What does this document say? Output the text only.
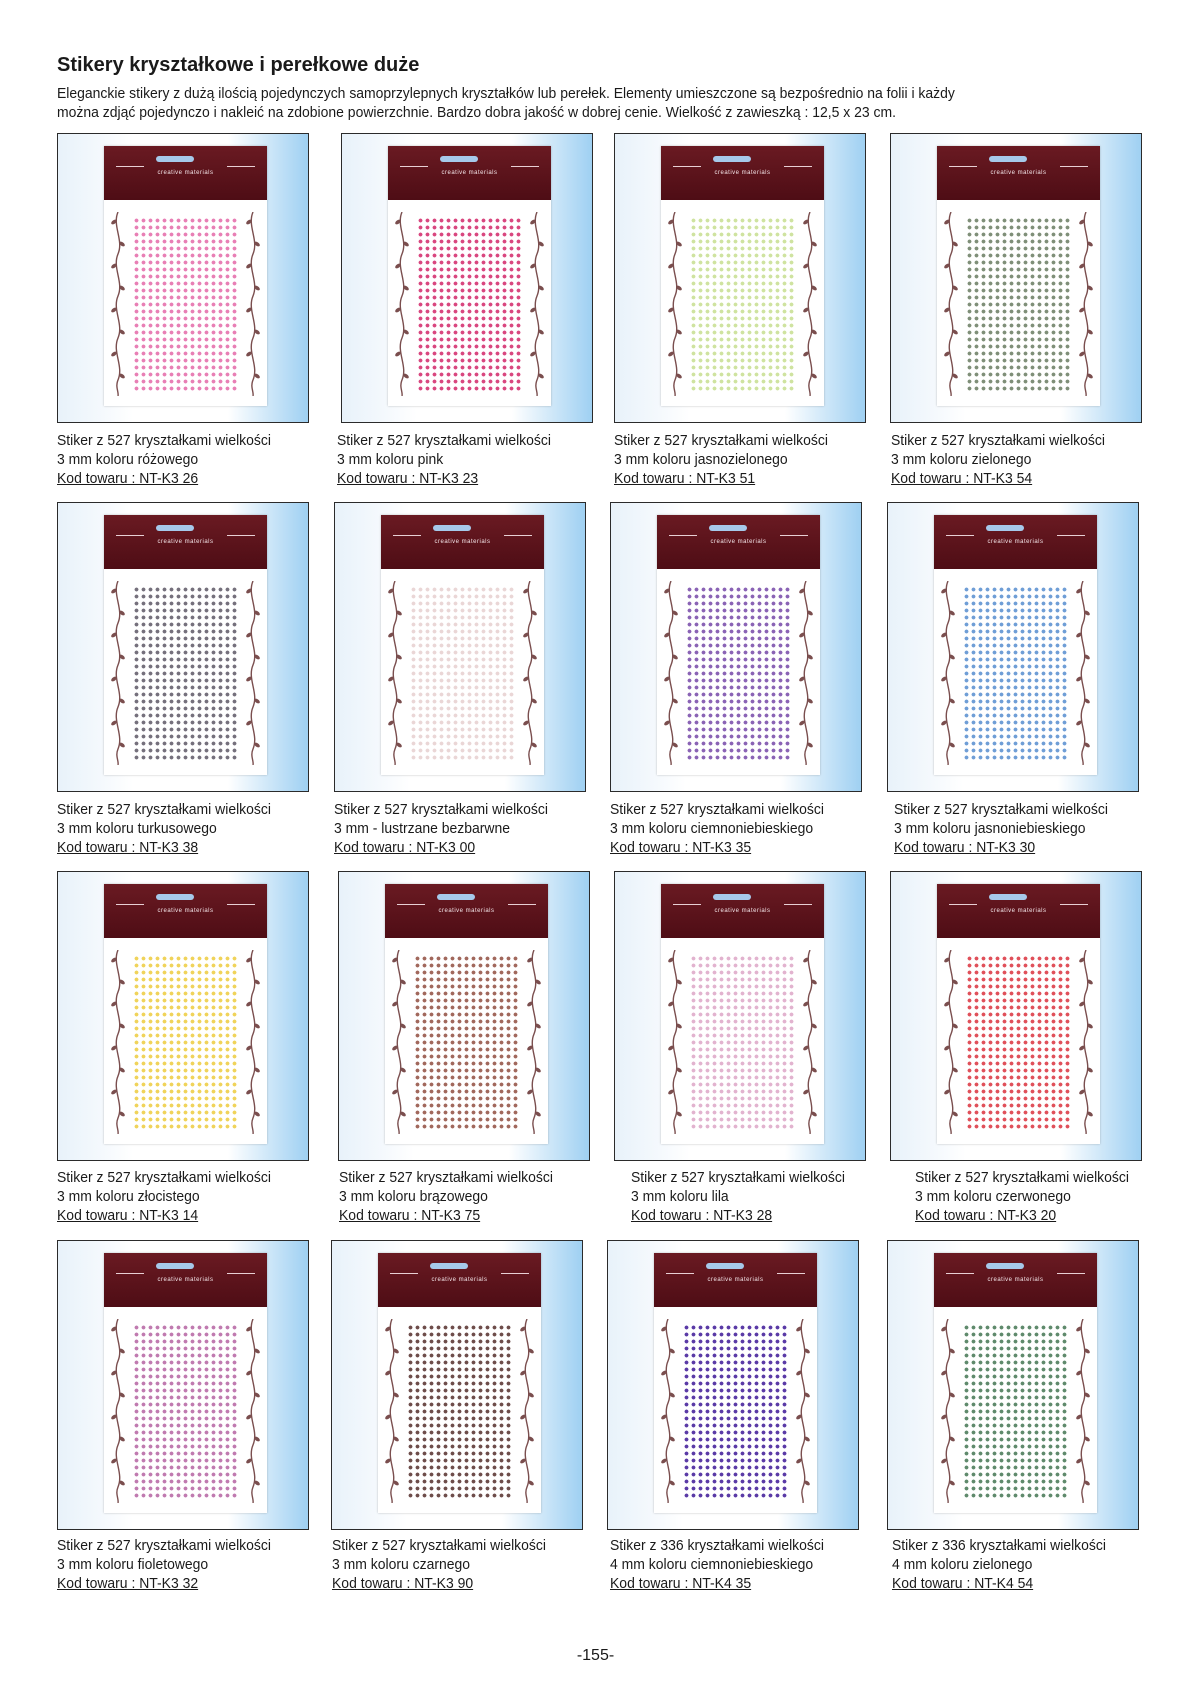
Stikery kryształkowe i perełkowe duże
Eleganckie stikery z dużą ilością pojedynczych samoprzylepnych kryształków lub perełek. Elementy umieszczone są bezpośrednio na folii i każdy
można zdjąć pojedynczo i nakleić na zdobione powierzchnie. Bardzo dobra jakość w dobrej cenie. Wielkość z zawieszką : 12,5 x 23 cm.
creative materials
Stiker z 527 kryształkami wielkości
3 mm koloru różowego
Kod towaru : NT-K3 26
creative materials
Stiker z 527 kryształkami wielkości
3 mm koloru pink
Kod towaru : NT-K3 23
creative materials
Stiker z 527 kryształkami wielkości
3 mm koloru jasnozielonego
Kod towaru : NT-K3 51
creative materials
Stiker z 527 kryształkami wielkości
3 mm koloru zielonego
Kod towaru : NT-K3 54
creative materials
Stiker z 527 kryształkami wielkości
3 mm koloru turkusowego
Kod towaru : NT-K3 38
creative materials
Stiker z 527 kryształkami wielkości
3 mm - lustrzane bezbarwne
Kod towaru : NT-K3 00
creative materials
Stiker z 527 kryształkami wielkości
3 mm koloru ciemnoniebieskiego
Kod towaru : NT-K3 35
creative materials
Stiker z 527 kryształkami wielkości
3 mm koloru jasnoniebieskiego
Kod towaru : NT-K3 30
creative materials
Stiker z 527 kryształkami wielkości
3 mm koloru złocistego
Kod towaru : NT-K3 14
creative materials
Stiker z 527 kryształkami wielkości
3 mm koloru brązowego
Kod towaru : NT-K3 75
creative materials
Stiker z 527 kryształkami wielkości
3 mm koloru lila
Kod towaru : NT-K3 28
creative materials
Stiker z 527 kryształkami wielkości
3 mm koloru czerwonego
Kod towaru : NT-K3 20
creative materials
Stiker z 527 kryształkami wielkości
3 mm koloru fioletowego
Kod towaru : NT-K3 32
creative materials
Stiker z 527 kryształkami wielkości
3 mm koloru czarnego
Kod towaru : NT-K3 90
creative materials
Stiker z 336 kryształkami wielkości
4 mm koloru ciemnoniebieskiego
Kod towaru : NT-K4 35
creative materials
Stiker z 336 kryształkami wielkości
4 mm koloru zielonego
Kod towaru : NT-K4 54
-155-
